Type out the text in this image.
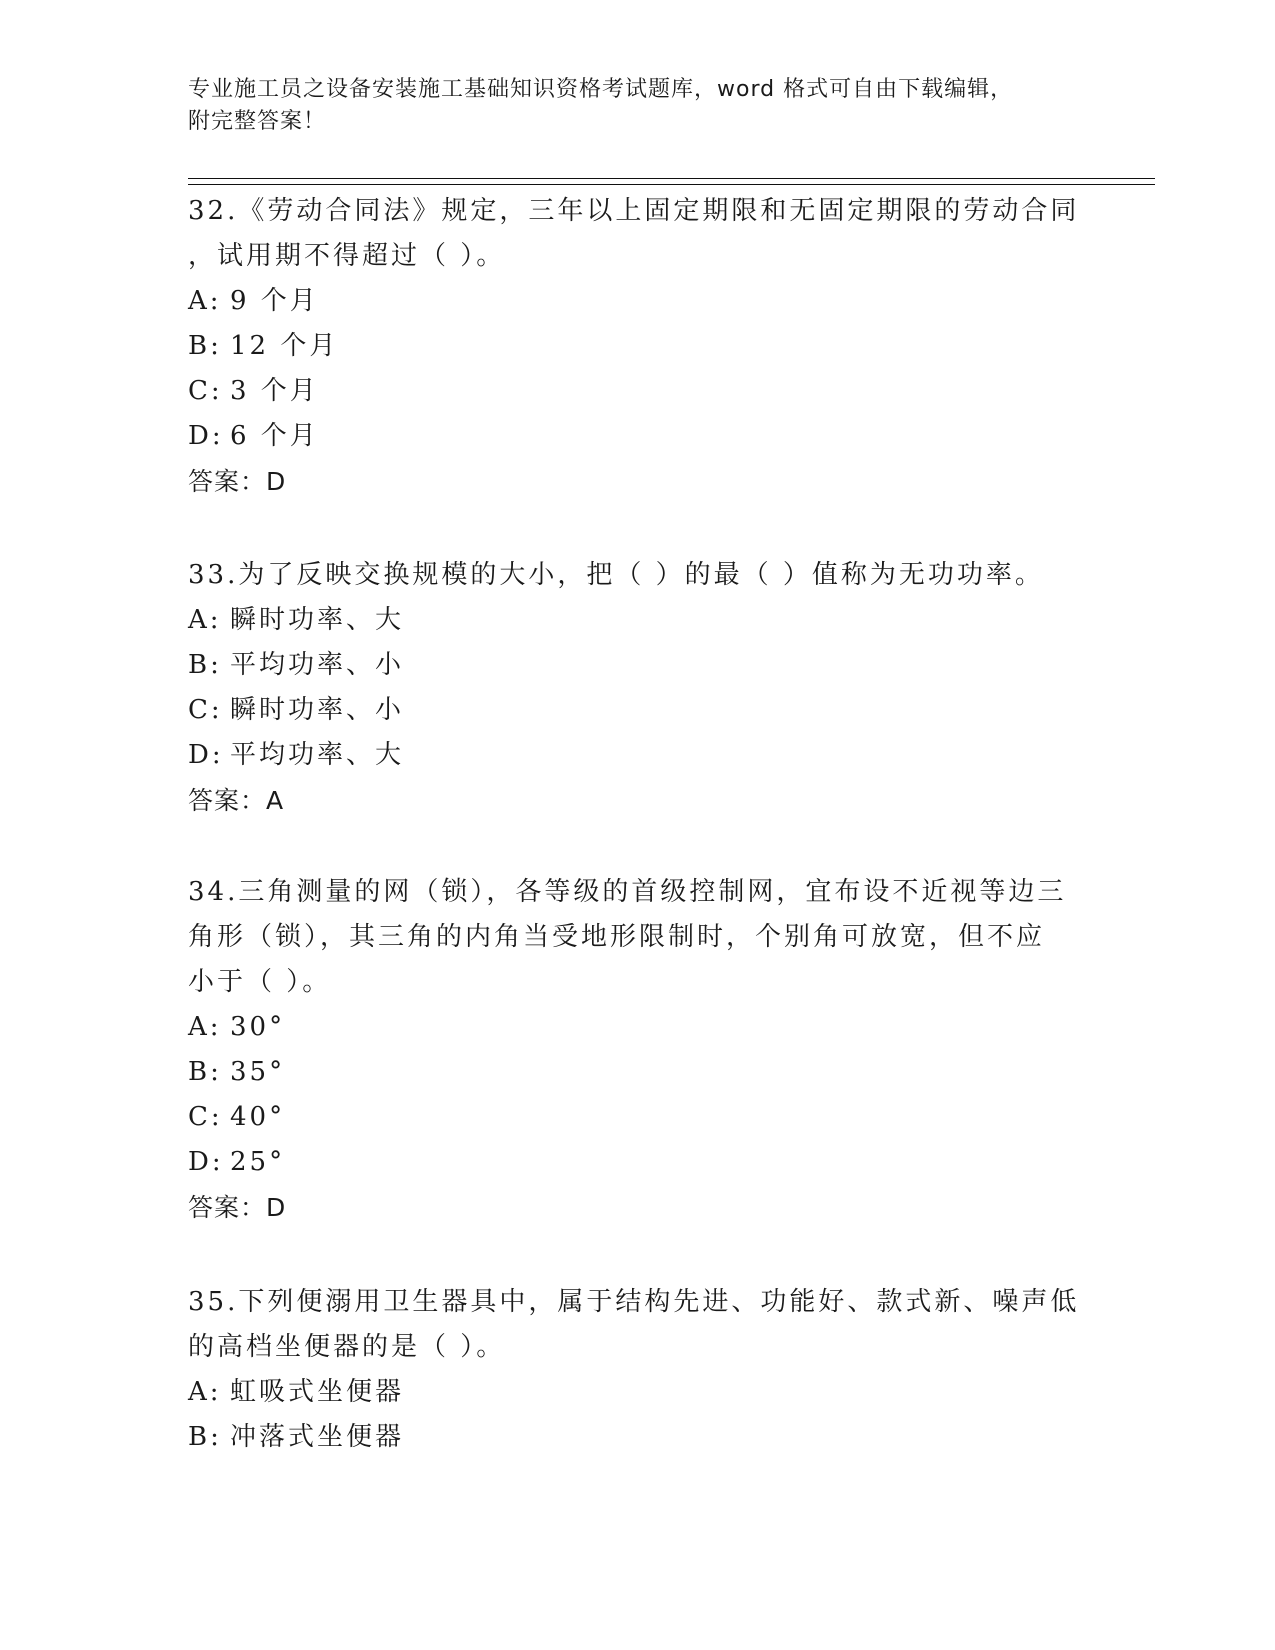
专业施工员之设备安装施工基础知识资格考试题库，word 格式可自由下载编辑，
附完整答案！
32.《劳动合同法》规定，三年以上固定期限和无固定期限的劳动合同
，试用期不得超过（ ）。
A: 9 个月
B: 12 个月
C: 3 个月
D: 6 个月
答案：D
33.为了反映交换规模的大小，把（ ）的最（ ）值称为无功功率。
A: 瞬时功率、大
B: 平均功率、小
C: 瞬时功率、小
D: 平均功率、大
答案：A
34.三角测量的网（锁），各等级的首级控制网，宜布设不近视等边三
角形（锁），其三角的内角当受地形限制时，个别角可放宽，但不应
小于（ ）。
A: 30°
B: 35°
C: 40°
D: 25°
答案：D
35.下列便溺用卫生器具中，属于结构先进、功能好、款式新、噪声低
的高档坐便器的是（ ）。
A: 虹吸式坐便器
B: 冲落式坐便器
